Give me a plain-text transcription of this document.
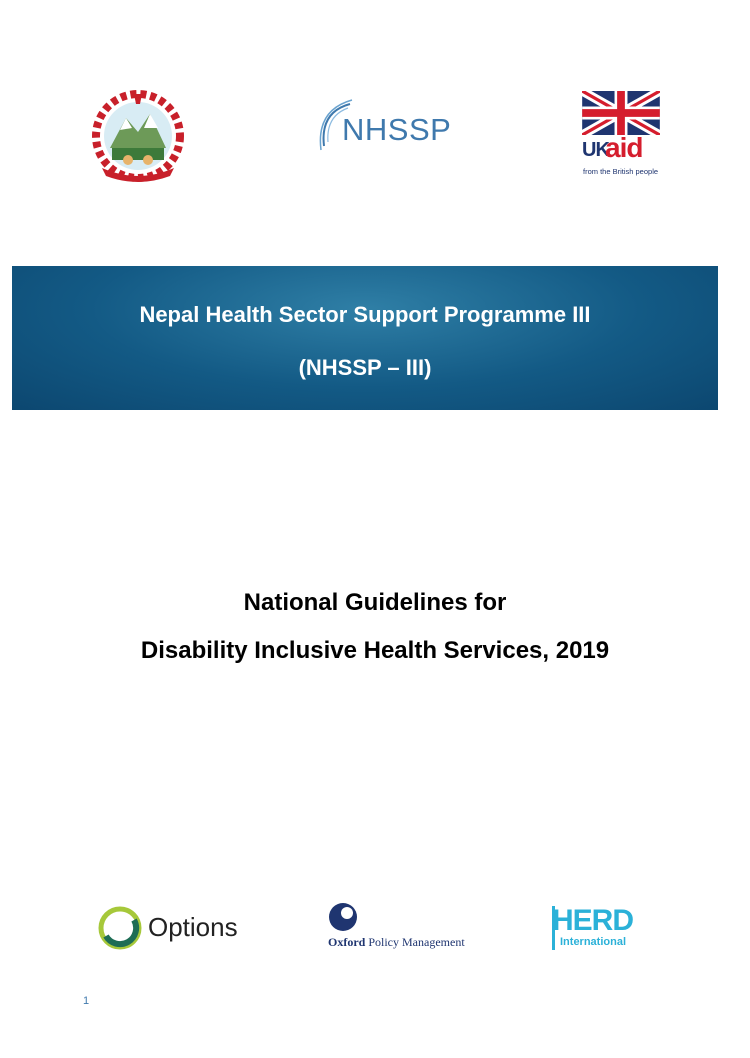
NHSSP
UK
aid
from the British people
Nepal Health Sector Support Programme III
(NHSSP – III)
National Guidelines for
Disability Inclusive Health Services, 2019
Options	Oxford Policy Management
HERD
International
1
